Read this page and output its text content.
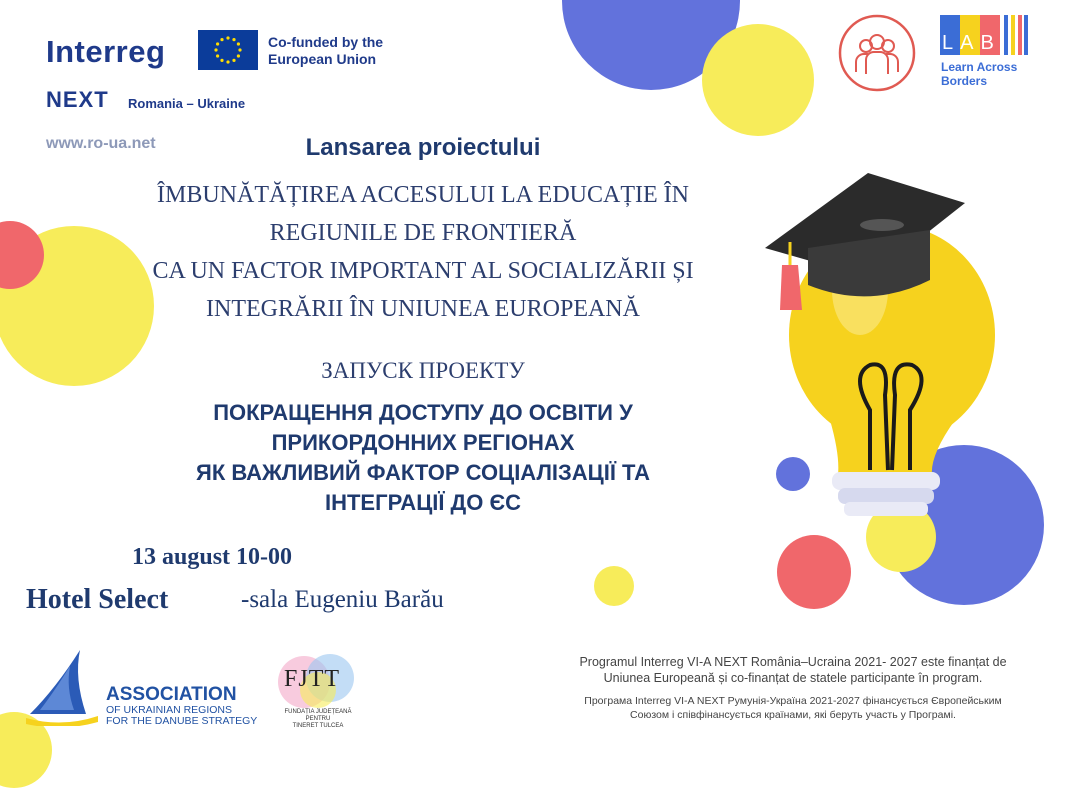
Interreg	Co-funded by the European Union
NEXT Romania – Ukraine
www.ro-ua.net
LAB
Learn Across Borders
Lansarea proiectului
ÎMBUNĂTĂȚIREA ACCESULUI LA EDUCAȚIE ÎN
REGIUNILE DE FRONTIERĂ
CA UN FACTOR IMPORTANT AL SOCIALIZĂRII ȘI
INTEGRĂRII ÎN UNIUNEA EUROPEANĂ
ЗАПУСК ПРОЕКТУ
ПОКРАЩЕННЯ ДОСТУПУ ДО ОСВІТИ У
ПРИКОРДОННИХ РЕГІОНАХ
ЯК ВАЖЛИВИЙ ФАКТОР СОЦІАЛІЗАЦІЇ ТА
ІНТЕГРАЦІЇ ДО ЄС
13 august 10-00
Hotel Select	-sala Eugeniu Barău
ASSOCIATION
OF UKRAINIAN REGIONS
FOR THE DANUBE STRATEGY
FJTT
FUNDAȚIA JUDEȚEANĂ PENTRU
TINERET TULCEA
Programul Interreg VI-A NEXT România–Ucraina 2021- 2027 este finanțat de
Uniunea Europeană și co-finanțat de statele participante în program.
Програма Interreg VI-A NEXT Румунія-Україна 2021-2027 фінансується Європейським
Союзом і співфінансується країнами, які беруть участь у Програмі.
